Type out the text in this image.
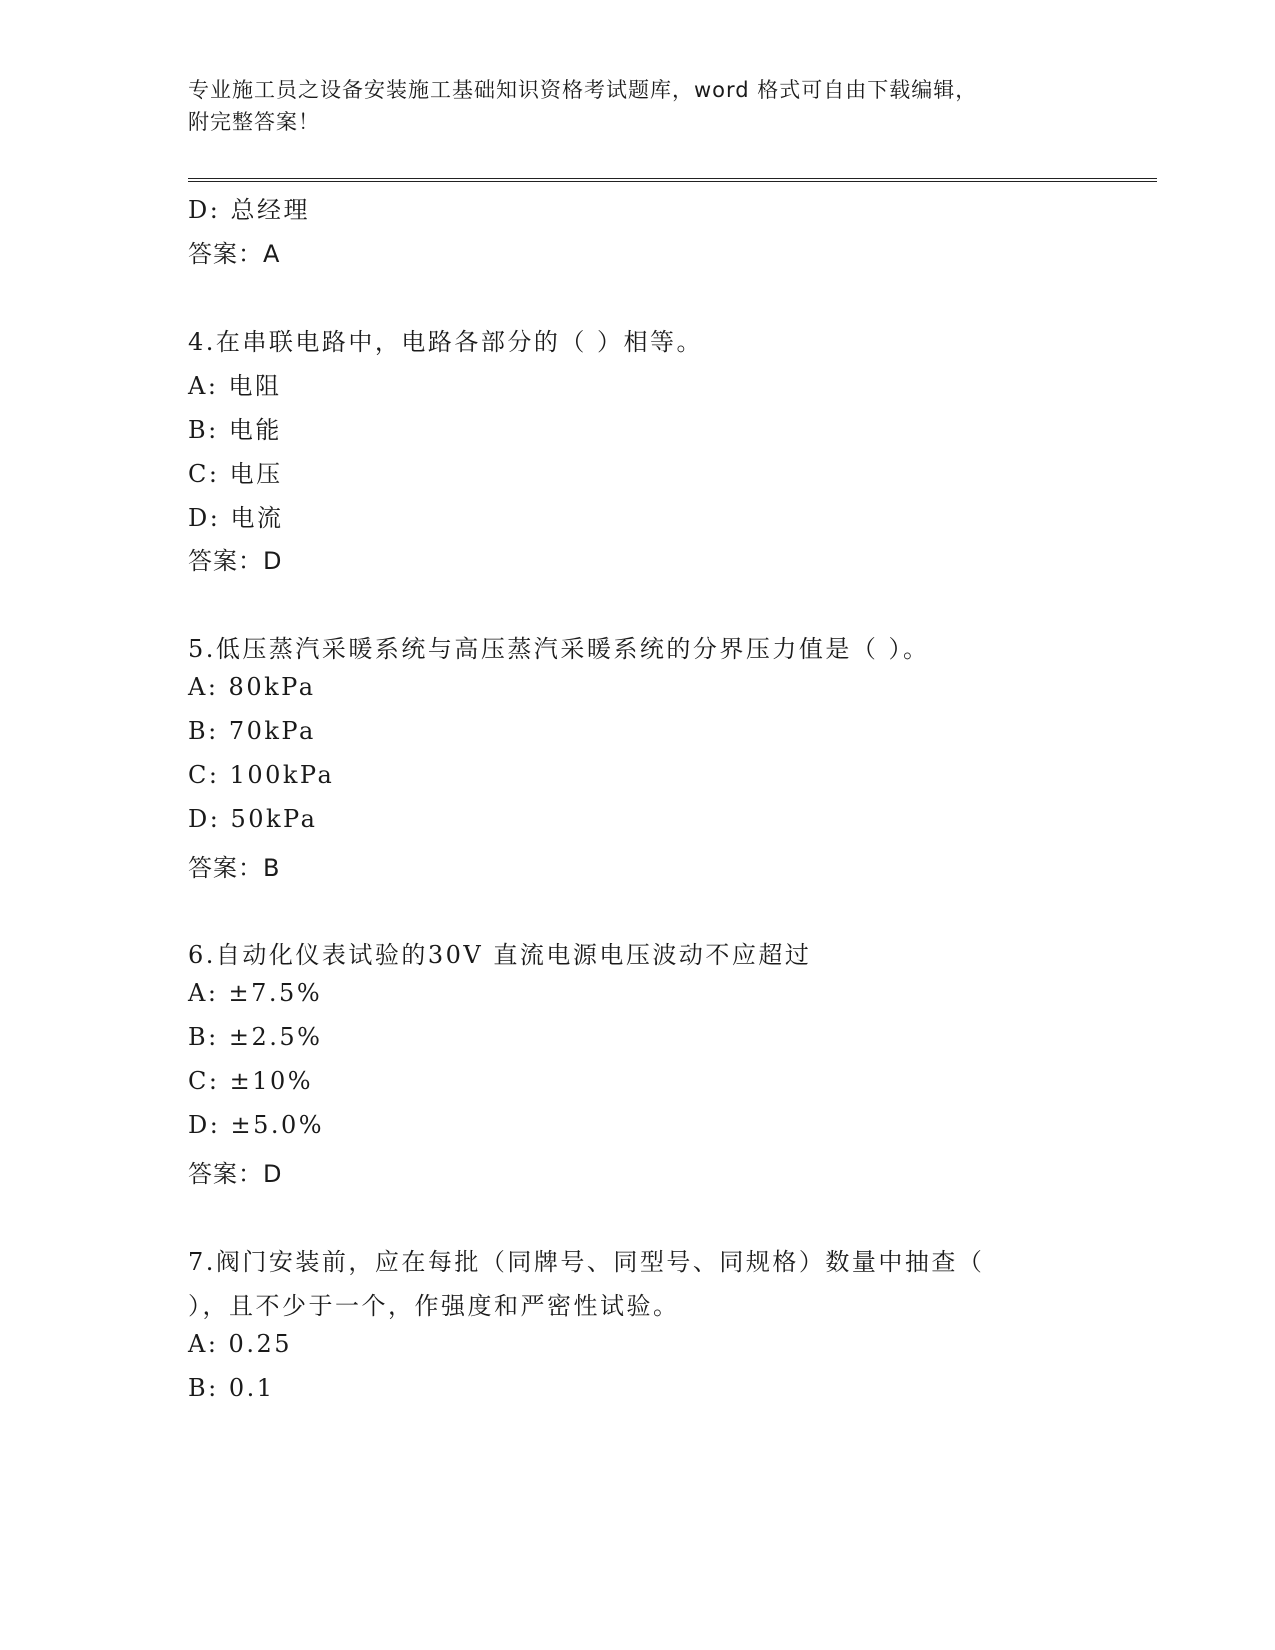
专业施工员之设备安装施工基础知识资格考试题库，word 格式可自由下载编辑，
附完整答案！
D: 总经理
答案：A
4.在串联电路中，电路各部分的（ ）相等。
A: 电阻
B: 电能
C: 电压
D: 电流
答案：D
5.低压蒸汽采暖系统与高压蒸汽采暖系统的分界压力值是（ ）。
A: 80kPa
B: 70kPa
C: 100kPa
D: 50kPa
答案：B
6.自动化仪表试验的30V 直流电源电压波动不应超过
A: ±7.5%
B: ±2.5%
C: ±10%
D: ±5.0%
答案：D
7.阀门安装前，应在每批（同牌号、同型号、同规格）数量中抽查（
），且不少于一个，作强度和严密性试验。
A: 0.25
B: 0.1
